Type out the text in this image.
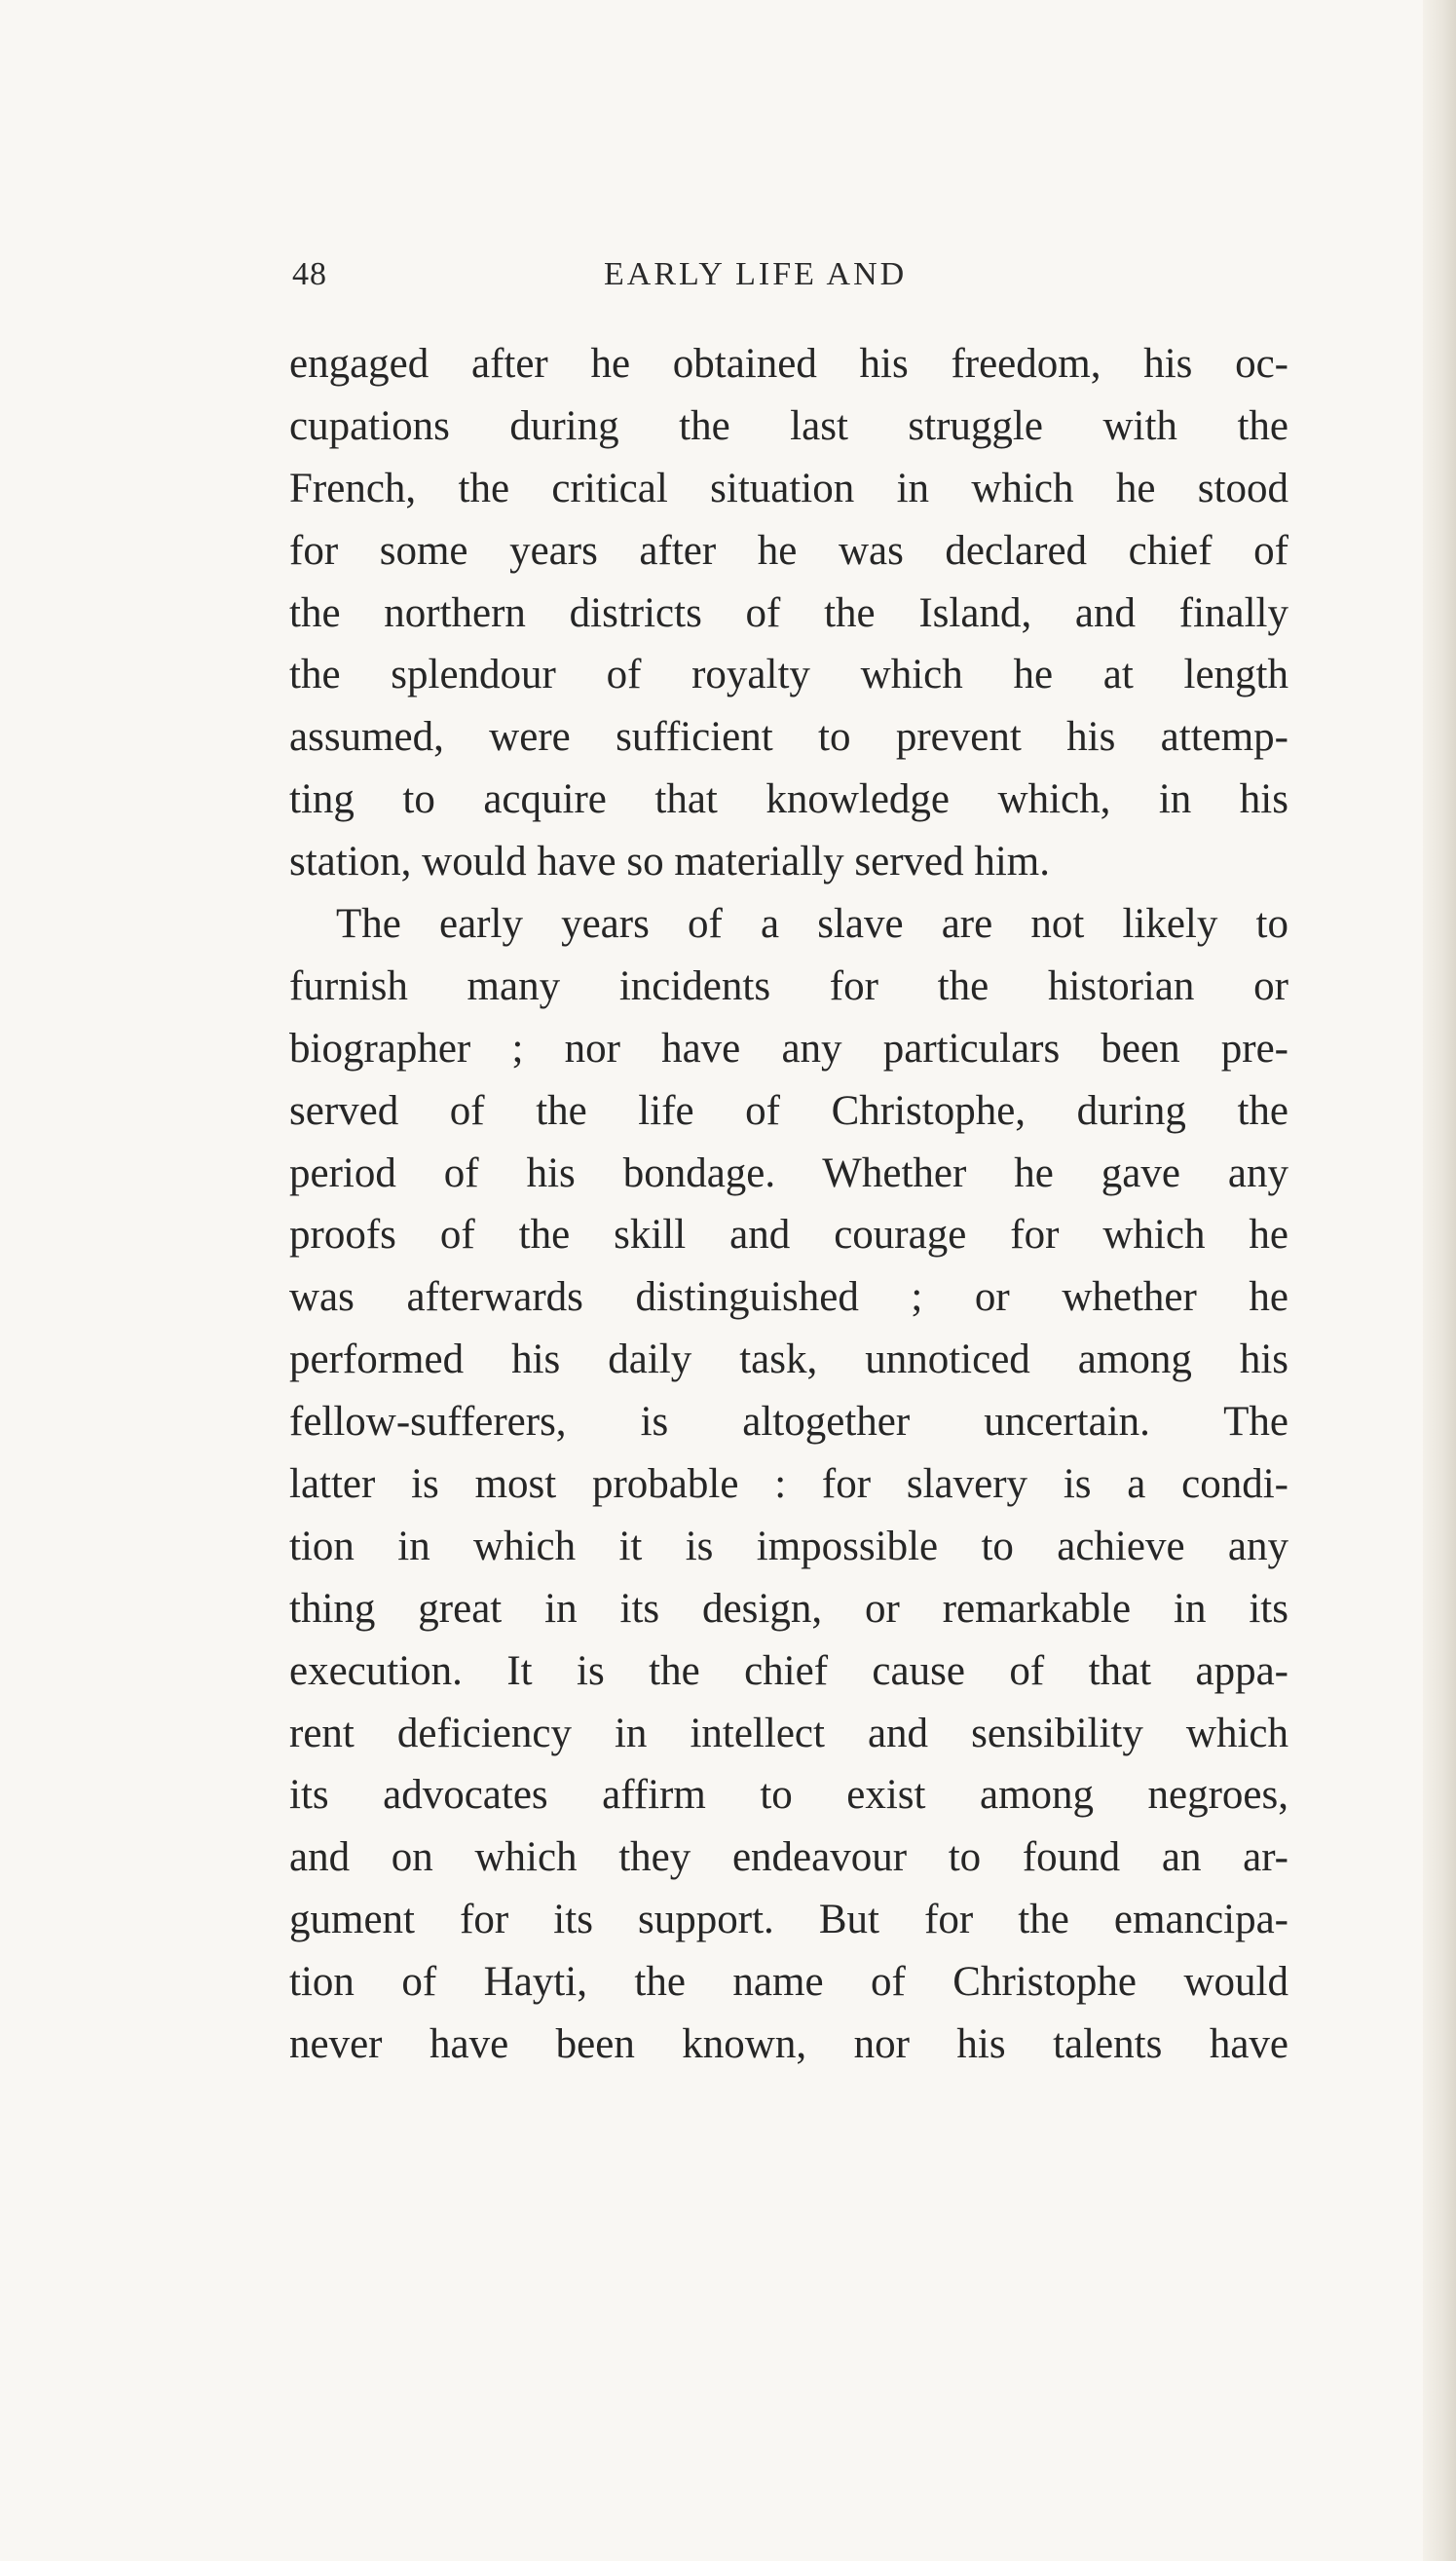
48	EARLY LIFE AND
engaged after he obtained his freedom, his oc-
cupations during the last struggle with the
French, the critical situation in which he stood
for some years after he was declared chief of
the northern districts of the Island, and finally
the splendour of royalty which he at length
assumed, were sufficient to prevent his attemp-
ting to acquire that knowledge which, in his
station, would have so materially served him.
The early years of a slave are not likely to
furnish many incidents for the historian or
biographer ; nor have any particulars been pre-
served of the life of Christophe, during the
period of his bondage. Whether he gave any
proofs of the skill and courage for which he
was afterwards distinguished ; or whether he
performed his daily task, unnoticed among his
fellow-sufferers, is altogether uncertain. The
latter is most probable : for slavery is a condi-
tion in which it is impossible to achieve any
thing great in its design, or remarkable in its
execution. It is the chief cause of that appa-
rent deficiency in intellect and sensibility which
its advocates affirm to exist among negroes,
and on which they endeavour to found an ar-
gument for its support. But for the emancipa-
tion of Hayti, the name of Christophe would
never have been known, nor his talents have
